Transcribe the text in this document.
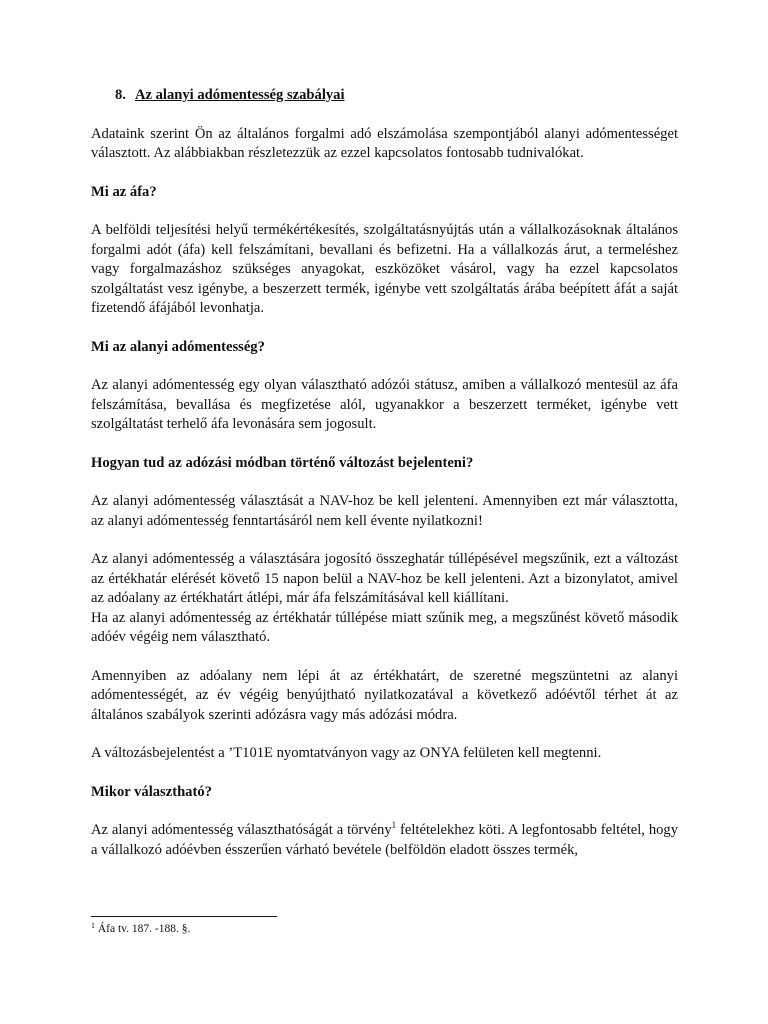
8. Az alanyi adómentesség szabályai

Adataink szerint Ön az általános forgalmi adó elszámolása szempontjából alanyi adómentességet választott. Az alábbiakban részletezzük az ezzel kapcsolatos fontosabb tudnivalókat.

Mi az áfa?

A belföldi teljesítési helyű termékértékesítés, szolgáltatásnyújtás után a vállalkozásoknak általános forgalmi adót (áfa) kell felszámítani, bevallani és befizetni. Ha a vállalkozás árut, a termeléshez vagy forgalmazáshoz szükséges anyagokat, eszközöket vásárol, vagy ha ezzel kapcsolatos szolgáltatást vesz igénybe, a beszerzett termék, igénybe vett szolgáltatás árába beépített áfát a saját fizetendő áfájából levonhatja.

Mi az alanyi adómentesség?

Az alanyi adómentesség egy olyan választható adózói státusz, amiben a vállalkozó mentesül az áfa felszámítása, bevallása és megfizetése alól, ugyanakkor a beszerzett terméket, igénybe vett szolgáltatást terhelő áfa levonására sem jogosult.

Hogyan tud az adózási módban történő változást bejelenteni?

Az alanyi adómentesség választását a NAV-hoz be kell jelenteni. Amennyiben ezt már választotta, az alanyi adómentesség fenntartásáról nem kell évente nyilatkozni!

Az alanyi adómentesség a választására jogosító összeghatár túllépésével megszűnik, ezt a változást az értékhatár elérését követő 15 napon belül a NAV-hoz be kell jelenteni. Azt a bizonylatot, amivel az adóalany az értékhatárt átlépi, már áfa felszámításával kell kiállítani.

Ha az alanyi adómentesség az értékhatár túllépése miatt szűnik meg, a megszűnést követő második adóév végéig nem választható.

Amennyiben az adóalany nem lépi át az értékhatárt, de szeretné megszüntetni az alanyi adómentességét, az év végéig benyújtható nyilatkozatával a következő adóévtől térhet át az általános szabályok szerinti adózásra vagy más adózási módra.

A változásbejelentést a ’T101E nyomtatványon vagy az ONYA felületen kell megtenni.

Mikor választható?

Az alanyi adómentesség választhatóságát a törvény$^1$ feltételekhez köti. A legfontosabb feltétel, hogy a vállalkozó adóévben ésszerűen várható bevétele (belföldön eladott összes termék,

$^1$ Áfa tv. 187. -188. §.
